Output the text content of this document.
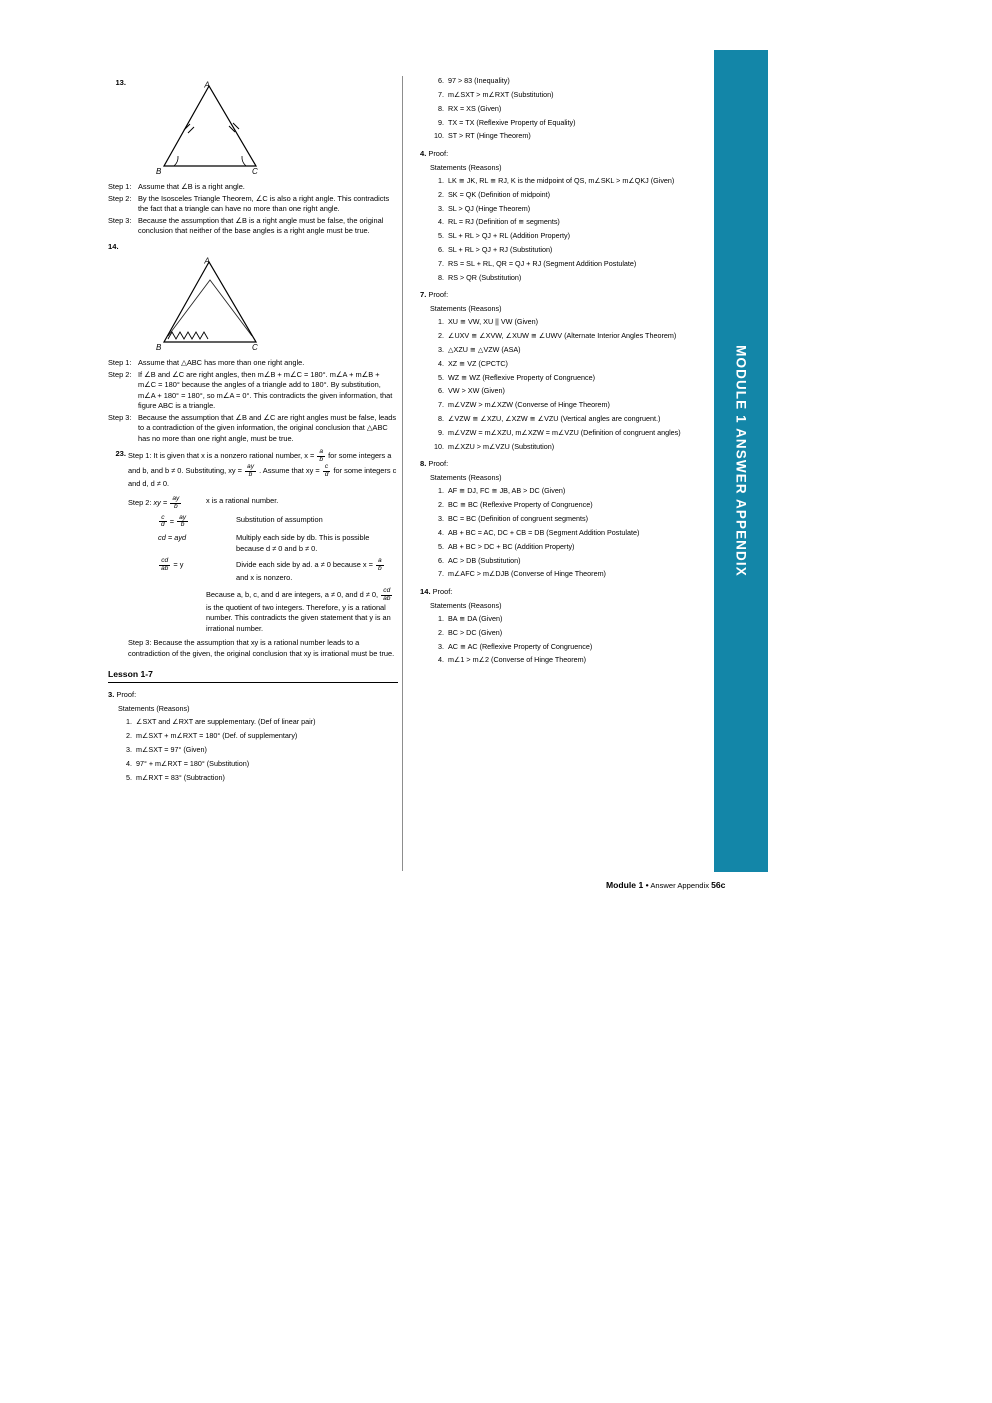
MODULE 1 ANSWER APPENDIX
13.	A
B	C
Step 1: Assume that ∠B is a right angle.
Step 2: By the Isosceles Triangle Theorem, ∠C is also a right angle. This contradicts the fact that a triangle can have no more than one right angle.
Step 3: Because the assumption that ∠B is a right angle must be false, the original conclusion that neither of the base angles is a right angle must be true.
14.
A
B	C
Step 1: Assume that △ABC has more than one right angle.
Step 2: If ∠B and ∠C are right angles, then m∠B + m∠C = 180°. m∠A + m∠B + m∠C = 180° because the angles of a triangle add to 180°. By substitution, m∠A + 180° = 180°, so m∠A = 0°. This contradicts the given information, that figure ABC is a triangle.
Step 3: Because the assumption that ∠B and ∠C are right angles must be false, leads to a contradiction of the given information, the original conclusion that △ABC has no more than one right angle, must be true.
23. Step 1: It is given that x is a nonzero rational number, $x = \frac{a}{b}$ for some integers a and b, and b ≠ 0. Substituting, xy = $\frac{ay}{b}$ . Assume that xy = $\frac{c}{d}$ for some integers c and d, d ≠ 0.
Step 2: xy = $\frac{ay}{b}$	x is a rational number.
$\frac{c}{d} = \frac{ay}{b}$	Substitution of assumption
cd = ayd	Multiply each side by db. This is possible because d ≠ 0 and b ≠ 0.
$\frac{cd}{ab} = y$	Divide each side by ad. a ≠ 0 because $x = \frac{a}{b}$
and x is nonzero.
Because a, b, c, and d are integers, a ≠ 0, and d ≠ 0, $\frac{cd}{ab}$
is the quotient of two integers. Therefore, y is a rational number. This contradicts the given statement that y is an irrational number.
Step 3: Because the assumption that xy is a rational number leads to a contradiction of the given, the original conclusion that xy is irrational must be true.
Lesson 1-7
3. Proof:
Statements (Reasons)
1. ∠SXT and ∠RXT are supplementary. (Def of linear pair)
2. m∠SXT + m∠RXT = 180° (Def. of supplementary)
3. m∠SXT = 97° (Given)
4. 97° + m∠RXT = 180° (Substitution)
5. m∠RXT = 83° (Subtraction)
6. 97 > 83 (Inequality)
7. m∠SXT > m∠RXT (Substitution)
8. RX = XS (Given)
9. TX = TX (Reflexive Property of Equality)
10. ST > RT (Hinge Theorem)
4. Proof:
Statements (Reasons)
1. LK ≅ JK, RL ≅ RJ, K is the midpoint of QS, m∠SKL > m∠QKJ (Given)
2. SK = QK (Definition of midpoint)
3. SL > QJ (Hinge Theorem)
4. RL = RJ (Definition of ≅ segments)
5. SL + RL > QJ + RL (Addition Property)
6. SL + RL > QJ + RJ (Substitution)
7. RS = SL + RL, QR = QJ + RJ (Segment Addition Postulate)
8. RS > QR (Substitution)
7. Proof:
Statements (Reasons)
1. XU ≅ VW, XU || VW (Given)
2. ∠UXV ≅ ∠XVW, ∠XUW ≅ ∠UWV (Alternate Interior Angles Theorem)
3. △XZU ≅ △VZW (ASA)
4. XZ ≅ VZ (CPCTC)
5. WZ ≅ WZ (Reflexive Property of Congruence)
6. VW > XW (Given)
7. m∠VZW > m∠XZW (Converse of Hinge Theorem)
8. ∠VZW ≅ ∠XZU, ∠XZW ≅ ∠VZU (Vertical angles are congruent.)
9. m∠VZW = m∠XZU, m∠XZW = m∠VZU (Definition of congruent angles)
10. m∠XZU > m∠VZU (Substitution)
8. Proof:
Statements (Reasons)
1. AF ≅ DJ, FC ≅ JB, AB > DC (Given)
2. BC ≅ BC (Reflexive Property of Congruence)
3. BC = BC (Definition of congruent segments)
4. AB + BC = AC, DC + CB = DB (Segment Addition Postulate)
5. AB + BC > DC + BC (Addition Property)
6. AC > DB (Substitution)
7. m∠AFC > m∠DJB (Converse of Hinge Theorem)
14. Proof:
Statements (Reasons)
1. BA ≅ DA (Given)
2. BC > DC (Given)
3. AC ≅ AC (Reflexive Property of Congruence)
4. m∠1 > m∠2 (Converse of Hinge Theorem)
Module 1 • Answer Appendix 56c
